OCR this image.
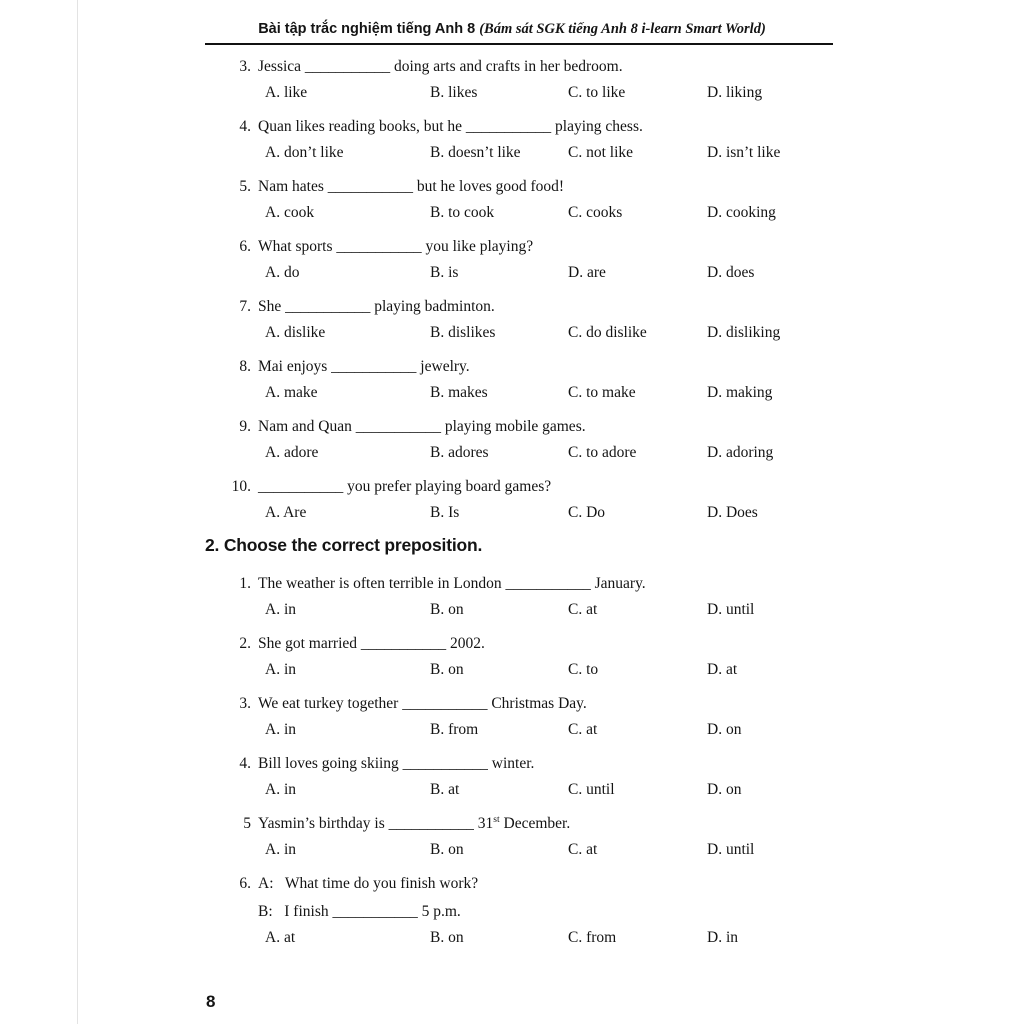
Bài tập trắc nghiệm tiếng Anh 8 (Bám sát SGK tiếng Anh 8 i-learn Smart World)
3. Jessica ___________ doing arts and crafts in her bedroom.
A. like	B. likes	C. to like	D. liking
4. Quan likes reading books, but he ___________ playing chess.
A. don’t like	B. doesn’t like	C. not like	D. isn’t like
5. Nam hates ___________ but he loves good food!
A. cook	B. to cook	C. cooks	D. cooking
6. What sports ___________ you like playing?
A. do	B. is	D. are	D. does
7. She ___________ playing badminton.
A. dislike	B. dislikes	C. do dislike	D. disliking
8. Mai enjoys ___________ jewelry.
A. make	B. makes	C. to make	D. making
9. Nam and Quan ___________ playing mobile games.
A. adore	B. adores	C. to adore	D. adoring
10. ___________ you prefer playing board games?
A. Are	B. Is	C. Do	D. Does
2. Choose the correct preposition.
1. The weather is often terrible in London ___________ January.
A. in	B. on	C. at	D. until
2. She got married ___________ 2002.
A. in	B. on	C. to	D. at
3. We eat turkey together ___________ Christmas Day.
A. in	B. from	C. at	D. on
4. Bill loves going skiing ___________ winter.
A. in	B. at	C. until	D. on
5 Yasmin’s birthday is ___________ 31st December.
A. in	B. on	C. at	D. until
6. A:   What time do you finish work?
B:   I finish ___________ 5 p.m.
A. at	B. on	C. from	D. in
8
